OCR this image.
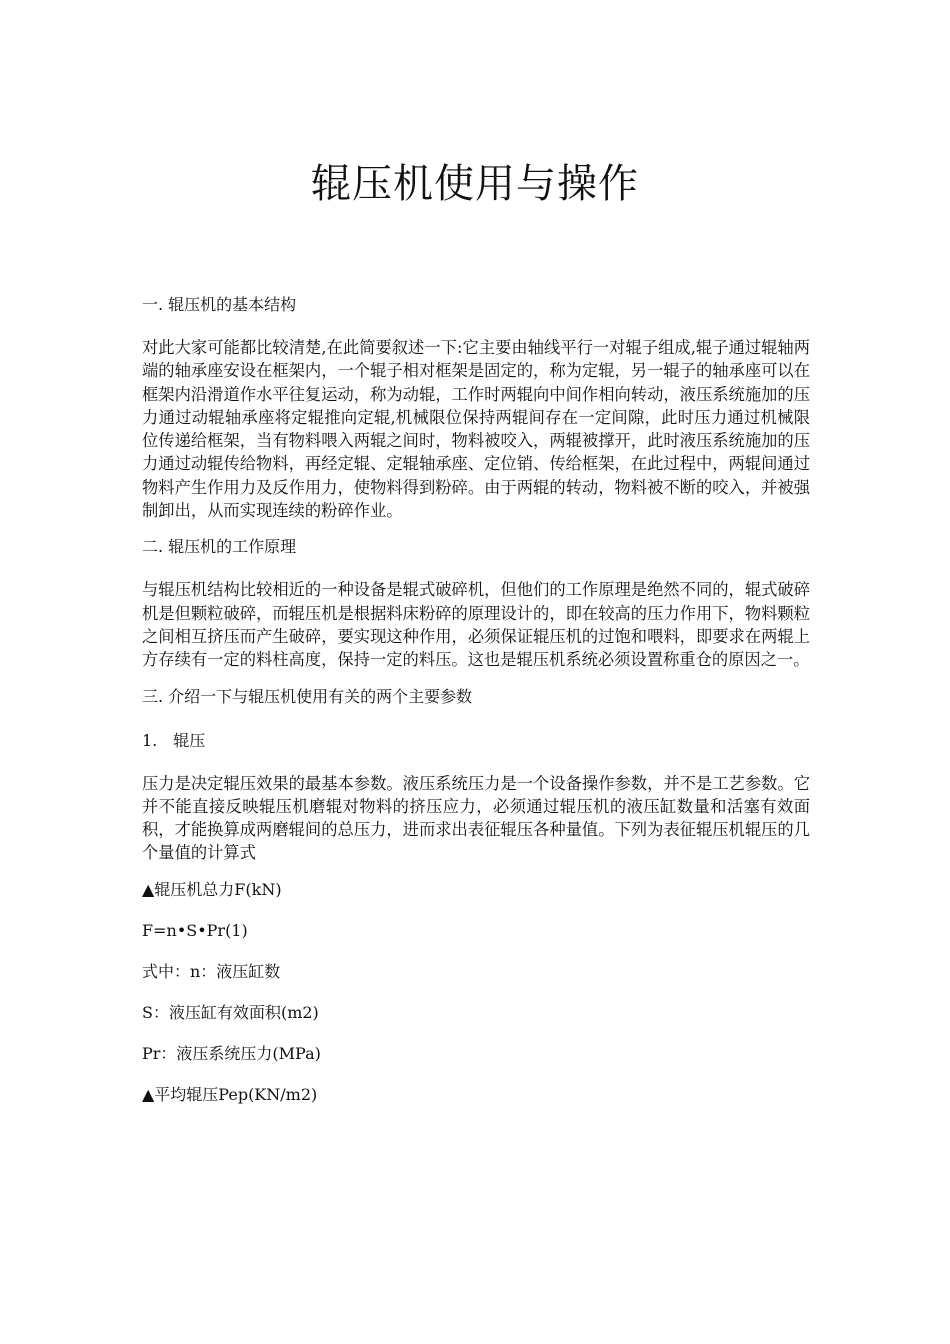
辊压机使用与操作
一. 辊压机的基本结构
对此大家可能都比较清楚,在此简要叙述一下:它主要由轴线平行一对辊子组成,辊子通过辊轴两端的轴承座安设在框架内，一个辊子相对框架是固定的，称为定辊，另一辊子的轴承座可以在框架内沿滑道作水平往复运动，称为动辊，工作时两辊向中间作相向转动，液压系统施加的压力通过动辊轴承座将定辊推向定辊,机械限位保持两辊间存在一定间隙，此时压力通过机械限位传递给框架，当有物料喂入两辊之间时，物料被咬入，两辊被撑开，此时液压系统施加的压力通过动辊传给物料，再经定辊、定辊轴承座、定位销、传给框架，在此过程中，两辊间通过物料产生作用力及反作用力，使物料得到粉碎。由于两辊的转动，物料被不断的咬入，并被强制卸出，从而实现连续的粉碎作业。
二. 辊压机的工作原理
与辊压机结构比较相近的一种设备是辊式破碎机，但他们的工作原理是绝然不同的，辊式破碎机是但颗粒破碎，而辊压机是根据料床粉碎的原理设计的，即在较高的压力作用下，物料颗粒之间相互挤压而产生破碎，要实现这种作用，必须保证辊压机的过饱和喂料，即要求在两辊上方存续有一定的料柱高度，保持一定的料压。这也是辊压机系统必须设置称重仓的原因之一。
三. 介绍一下与辊压机使用有关的两个主要参数
1.　辊压
压力是决定辊压效果的最基本参数。液压系统压力是一个设备操作参数，并不是工艺参数。它并不能直接反映辊压机磨辊对物料的挤压应力，必须通过辊压机的液压缸数量和活塞有效面积，才能换算成两磨辊间的总压力，进而求出表征辊压各种量值。下列为表征辊压机辊压的几个量值的计算式
▲辊压机总力F(kN)
F=n•S•Pr(1)
式中：n：液压缸数
S：液压缸有效面积(m2)
Pr：液压系统压力(MPa)
▲平均辊压Pep(KN/m2)
